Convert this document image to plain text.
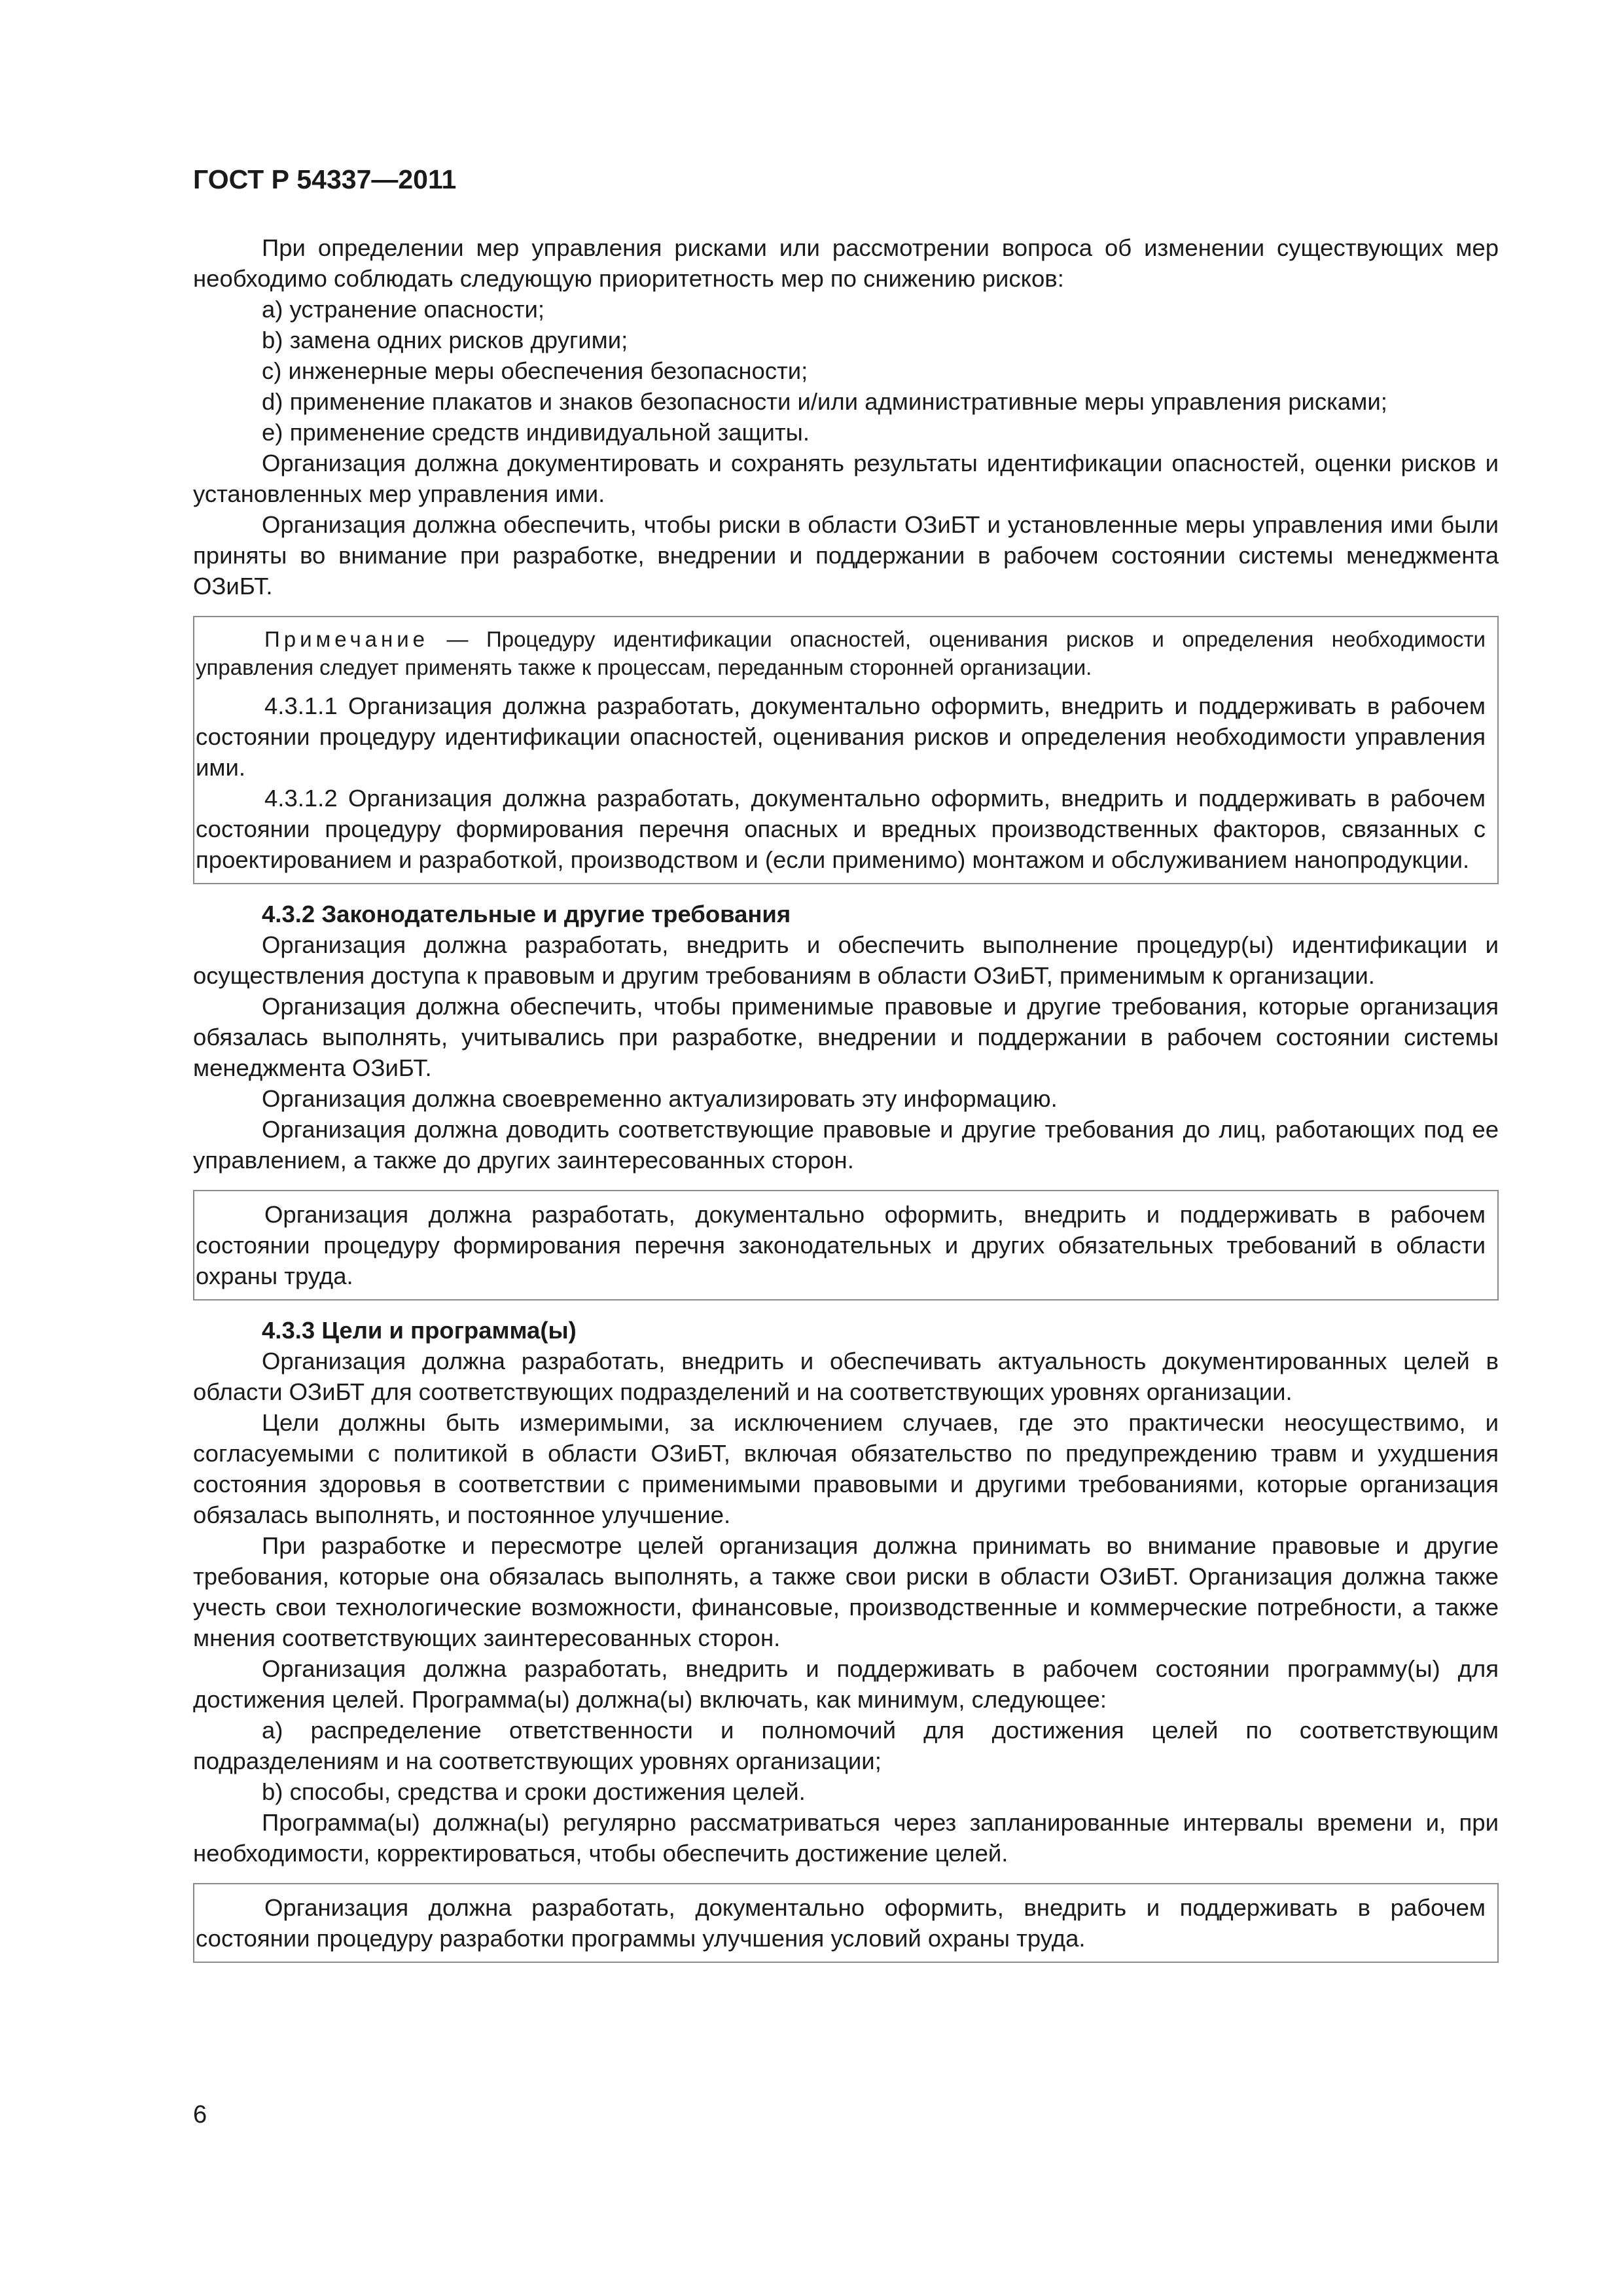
ГОСТ Р 54337—2011

При определении мер управления рисками или рассмотрении вопроса об изменении существующих мер необходимо соблюдать следующую приоритетность мер по снижению рисков:

a) устранение опасности;

b) замена одних рисков другими;

c) инженерные меры обеспечения безопасности;

d) применение плакатов и знаков безопасности и/или административные меры управления рисками;

e) применение средств индивидуальной защиты.

Организация должна документировать и сохранять результаты идентификации опасностей, оценки рисков и установленных мер управления ими.

Организация должна обеспечить, чтобы риски в области ОЗиБТ и установленные меры управления ими были приняты во внимание при разработке, внедрении и поддержании в рабочем состоянии системы менеджмента ОЗиБТ.

Примечание — Процедуру идентификации опасностей, оценивания рисков и определения необходимости управления следует применять также к процессам, переданным сторонней организации.

4.3.1.1 Организация должна разработать, документально оформить, внедрить и поддерживать в рабочем состоянии процедуру идентификации опасностей, оценивания рисков и определения необходимости управления ими.

4.3.1.2 Организация должна разработать, документально оформить, внедрить и поддерживать в рабочем состоянии процедуру формирования перечня опасных и вредных производственных факторов, связанных с проектированием и разработкой, производством и (если применимо) монтажом и обслуживанием нанопродукции.

4.3.2 Законодательные и другие требования

Организация должна разработать, внедрить и обеспечить выполнение процедур(ы) идентификации и осуществления доступа к правовым и другим требованиям в области ОЗиБТ, применимым к организации.

Организация должна обеспечить, чтобы применимые правовые и другие требования, которые организация обязалась выполнять, учитывались при разработке, внедрении и поддержании в рабочем состоянии системы менеджмента ОЗиБТ.

Организация должна своевременно актуализировать эту информацию.

Организация должна доводить соответствующие правовые и другие требования до лиц, работающих под ее управлением, а также до других заинтересованных сторон.

Организация должна разработать, документально оформить, внедрить и поддерживать в рабочем состоянии процедуру формирования перечня законодательных и других обязательных требований в области охраны труда.

4.3.3 Цели и программа(ы)

Организация должна разработать, внедрить и обеспечивать актуальность документированных целей в области ОЗиБТ для соответствующих подразделений и на соответствующих уровнях организации.

Цели должны быть измеримыми, за исключением случаев, где это практически неосуществимо, и согласуемыми с политикой в области ОЗиБТ, включая обязательство по предупреждению травм и ухудшения состояния здоровья в соответствии с применимыми правовыми и другими требованиями, которые организация обязалась выполнять, и постоянное улучшение.

При разработке и пересмотре целей организация должна принимать во внимание правовые и другие требования, которые она обязалась выполнять, а также свои риски в области ОЗиБТ. Организация должна также учесть свои технологические возможности, финансовые, производственные и коммерческие потребности, а также мнения соответствующих заинтересованных сторон.

Организация должна разработать, внедрить и поддерживать в рабочем состоянии программу(ы) для достижения целей. Программа(ы) должна(ы) включать, как минимум, следующее:

a) распределение ответственности и полномочий для достижения целей по соответствующим подразделениям и на соответствующих уровнях организации;

b) способы, средства и сроки достижения целей.

Программа(ы) должна(ы) регулярно рассматриваться через запланированные интервалы времени и, при необходимости, корректироваться, чтобы обеспечить достижение целей.

Организация должна разработать, документально оформить, внедрить и поддерживать в рабочем состоянии процедуру разработки программы улучшения условий охраны труда.

6
